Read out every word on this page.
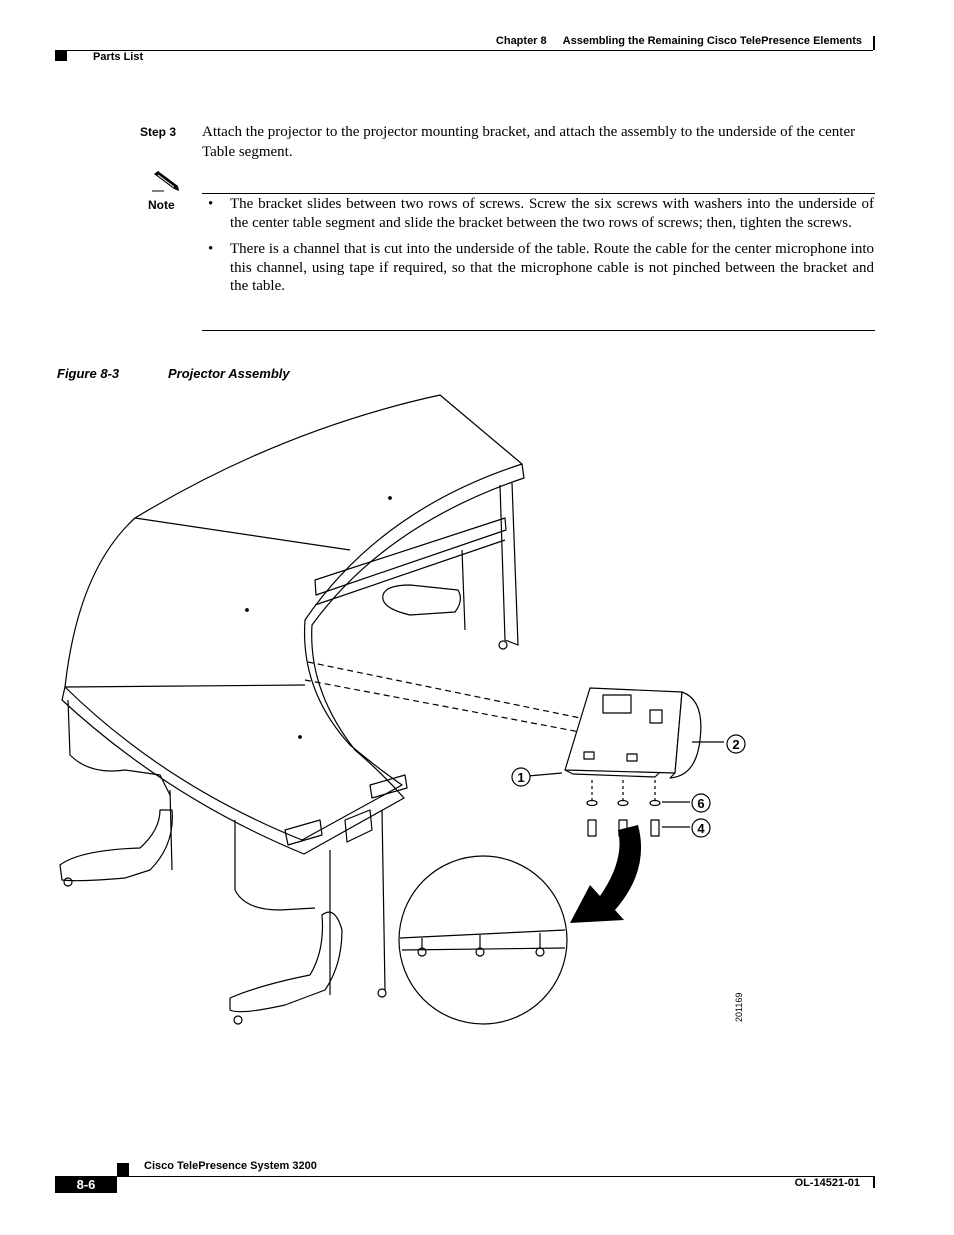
Chapter 8 Assembling the Remaining Cisco TelePresence Elements
Parts List
Step 3 Attach the projector to the projector mounting bracket, and attach the assembly to the underside of the center Table segment.
Note • The bracket slides between two rows of screws. Screw the six screws with washers into the underside of the center table segment and slide the bracket between the two rows of screws; then, tighten the screws.
• There is a channel that is cut into the underside of the table. Route the cable for the center microphone into this channel, using tape if required, so that the microphone cable is not pinched between the bracket and the table.
Figure 8-3	Projector Assembly
1
2
6
4
201169
8-6
Cisco TelePresence System 3200
OL-14521-01
